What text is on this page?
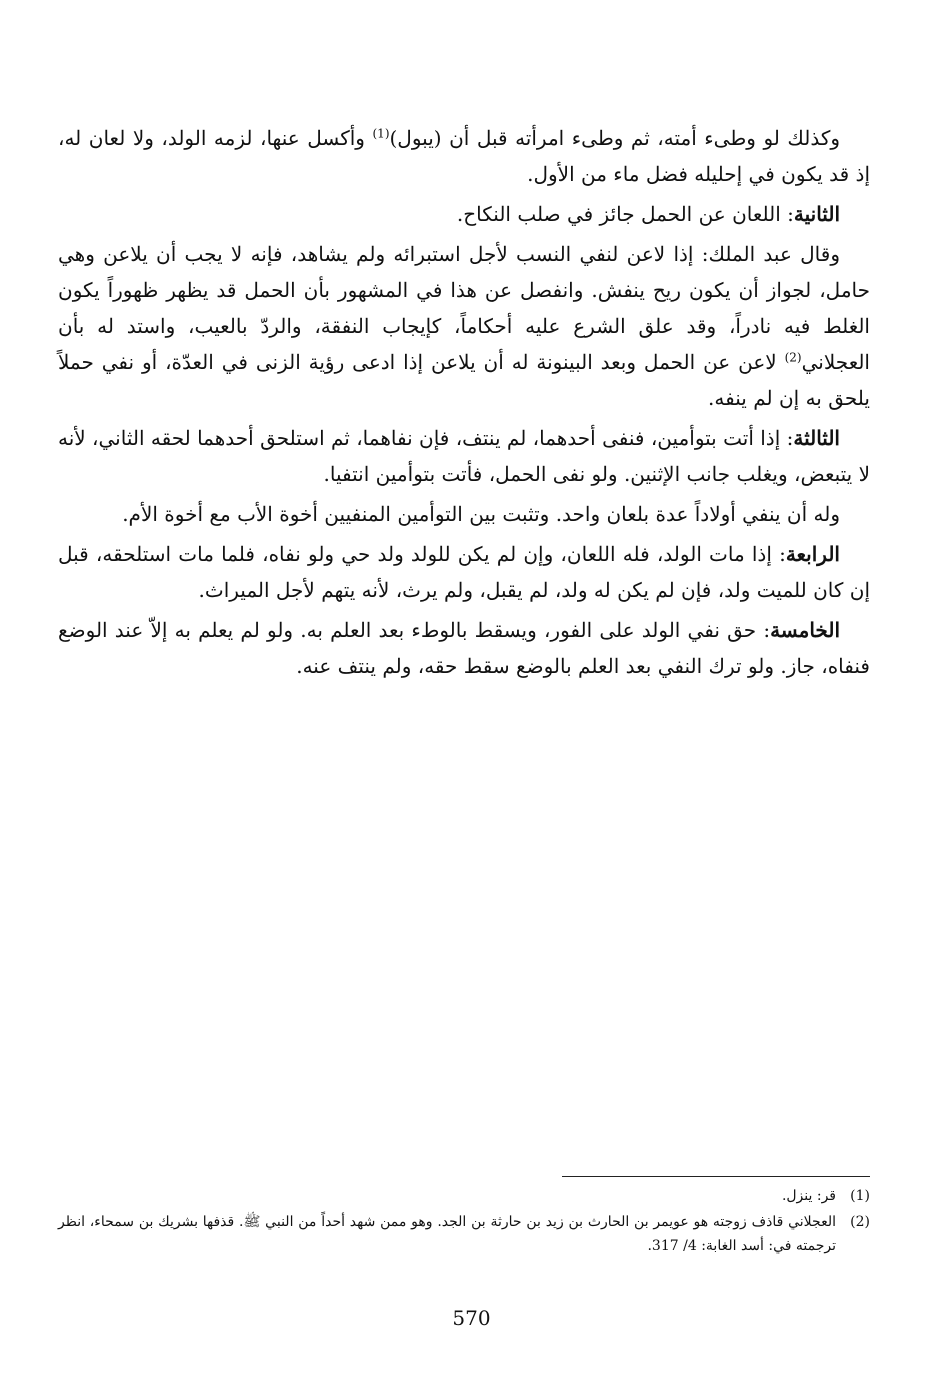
وكذلك لو وطىء أمته، ثم وطىء امرأته قبل أن (يبول)$^{(1)}$ وأكسل عنها، لزمه الولد، ولا لعان له، إذ قد يكون في إحليله فضل ماء من الأول.

الثانية: اللعان عن الحمل جائز في صلب النكاح.

وقال عبد الملك: إذا لاعن لنفي النسب لأجل استبرائه ولم يشاهد، فإنه لا يجب أن يلاعن وهي حامل، لجواز أن يكون ريح ينفش. وانفصل عن هذا في المشهور بأن الحمل قد يظهر ظهوراً يكون الغلط فيه نادراً، وقد علق الشرع عليه أحكاماً، كإيجاب النفقة، والردّ بالعيب، واستد له بأن العجلاني$^{(2)}$ لاعن عن الحمل وبعد البينونة له أن يلاعن إذا ادعى رؤية الزنى في العدّة، أو نفي حملاً يلحق به إن لم ينفه.

الثالثة: إذا أتت بتوأمين، فنفى أحدهما، لم ينتف، فإن نفاهما، ثم استلحق أحدهما لحقه الثاني، لأنه لا يتبعض، ويغلب جانب الإثنين. ولو نفى الحمل، فأتت بتوأمين انتفيا.

وله أن ينفي أولاداً عدة بلعان واحد. وتثبت بين التوأمين المنفيين أخوة الأب مع أخوة الأم.

الرابعة: إذا مات الولد، فله اللعان، وإن لم يكن للولد ولد حي ولو نفاه، فلما مات استلحقه، قبل إن كان للميت ولد، فإن لم يكن له ولد، لم يقبل، ولم يرث، لأنه يتهم لأجل الميراث.

الخامسة: حق نفي الولد على الفور، ويسقط بالوطء بعد العلم به. ولو لم يعلم به إلاّ عند الوضع فنفاه، جاز. ولو ترك النفي بعد العلم بالوضع سقط حقه، ولم ينتف عنه.

(1)
قر: ينزل.
(2)
العجلاني قاذف زوجته هو عويمر بن الحارث بن زيد بن حارثة بن الجد. وهو ممن شهد أحداً من النبي ﷺ. قذفها بشريك بن سمحاء، انظر ترجمته في: أسد الغابة: 4/ 317.
570
